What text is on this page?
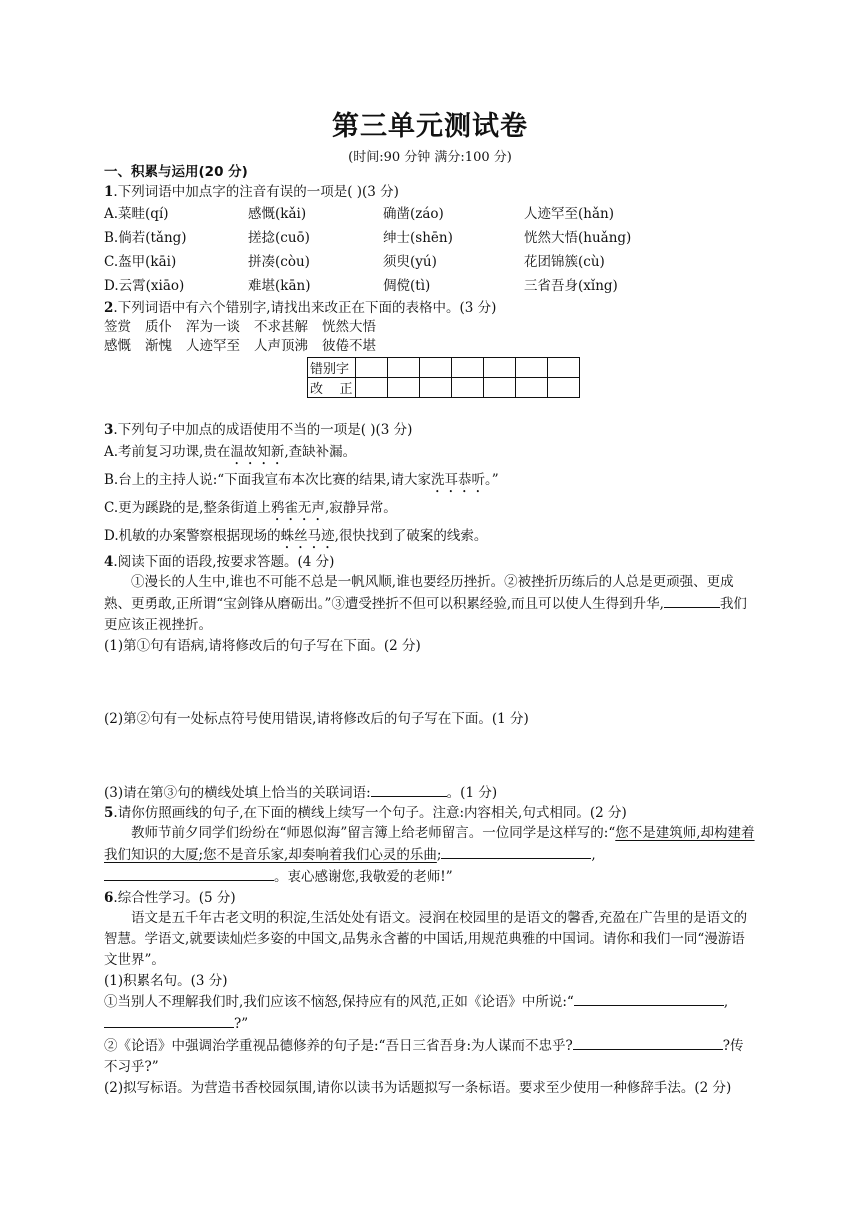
第三单元测试卷
(时间:90 分钟 满分:100 分)
一、积累与运用(20 分)
1.下列词语中加点字的注音有误的一项是( )(3 分)
A.菜畦(qí)	感慨(kǎi)	确凿(záo)	人迹罕至(hǎn)
B.倘若(tǎng)	搓捻(cuō)	绅士(shēn)	恍然大悟(huǎng)
C.盔甲(kāi)	拼凑(còu)	须臾(yú)	花团锦簇(cù)
D.云霄(xiāo)	难堪(kān)	倜傥(tì)	三省吾身(xǐng)
2.下列词语中有六个错别字,请找出来改正在下面的表格中。(3 分)
签赏 质仆 浑为一谈 不求甚解 恍然大悟
感慨 渐愧 人迹罕至 人声顶沸 彼倦不堪
错别字							
改    正							
3.下列句子中加点的成语使用不当的一项是( )(3 分)
A.考前复习功课,贵在温故知新,查缺补漏。
B.台上的主持人说:“下面我宣布本次比赛的结果,请大家洗耳恭听。”
C.更为蹊跷的是,整条街道上鸦雀无声,寂静异常。
D.机敏的办案警察根据现场的蛛丝马迹,很快找到了破案的线索。
4.阅读下面的语段,按要求答题。(4 分)
①漫长的人生中,谁也不可能不总是一帆风顺,谁也要经历挫折。②被挫折历练后的人总是更顽强、更成熟、更勇敢,正所谓“宝剑锋从磨砺出。”③遭受挫折不但可以积累经验,而且可以使人生得到升华,	我们更应该正视挫折。
(1)第①句有语病,请将修改后的句子写在下面。(2 分)
(2)第②句有一处标点符号使用错误,请将修改后的句子写在下面。(1 分)
(3)请在第③句的横线处填上恰当的关联词语:	。(1 分)
5.请你仿照画线的句子,在下面的横线上续写一个句子。注意:内容相关,句式相同。(2 分)
教师节前夕同学们纷纷在“师恩似海”留言簿上给老师留言。一位同学是这样写的:“您不是建筑师,却构建着我们知识的大厦;您不是音乐家,却奏响着我们心灵的乐曲;	,。衷心感谢您,我敬爱的老师!”
6.综合性学习。(5 分)
语文是五千年古老文明的积淀,生活处处有语文。浸润在校园里的是语文的馨香,充盈在广告里的是语文的智慧。学语文,就要读灿烂多姿的中国文,品隽永含蓄的中国话,用规范典雅的中国词。请你和我们一同“漫游语文世界”。
(1)积累名句。(3 分)
①当别人不理解我们时,我们应该不恼怒,保持应有的风范,正如《论语》中所说:“	,?”
②《论语》中强调治学重视品德修养的句子是:“吾日三省吾身:为人谋而不忠乎?	?传不习乎?”
(2)拟写标语。为营造书香校园氛围,请你以读书为话题拟写一条标语。要求至少使用一种修辞手法。(2 分)
